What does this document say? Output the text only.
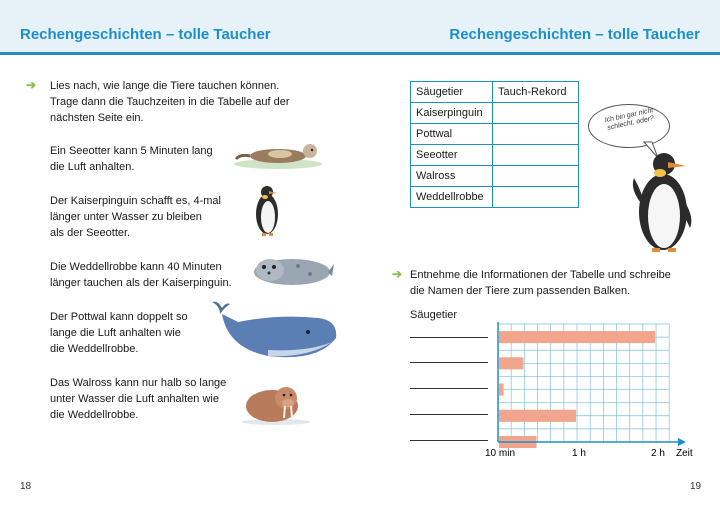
Rechengeschichten – tolle Taucher	Rechengeschichten – tolle Taucher
➔ Lies nach, wie lange die Tiere tauchen können.
Trage dann die Tauchzeiten in die Tabelle auf der
nächsten Seite ein.
Ein Seeotter kann 5 Minuten lang
die Luft anhalten.
Der Kaiserpinguin schafft es, 4-mal
länger unter Wasser zu bleiben
als der Seeotter.
Die Weddellrobbe kann 40 Minuten
länger tauchen als der Kaiserpinguin.
Der Pottwal kann doppelt so
lange die Luft anhalten wie
die Weddellrobbe.
Das Walross kann nur halb so lange
unter Wasser die Luft anhalten wie
die Weddellrobbe.
18
Säugetier	Tauch-Rekord
Kaiserpinguin	
Pottwal	
Seeotter	
Walross	
Weddellrobbe	
Ich bin gar nicht schlecht, oder?
➔ Entnehme die Informationen der Tabelle und schreibe
die Namen der Tiere zum passenden Balken.
Säugetier
10 min	1 h	2 h Zeit
19
